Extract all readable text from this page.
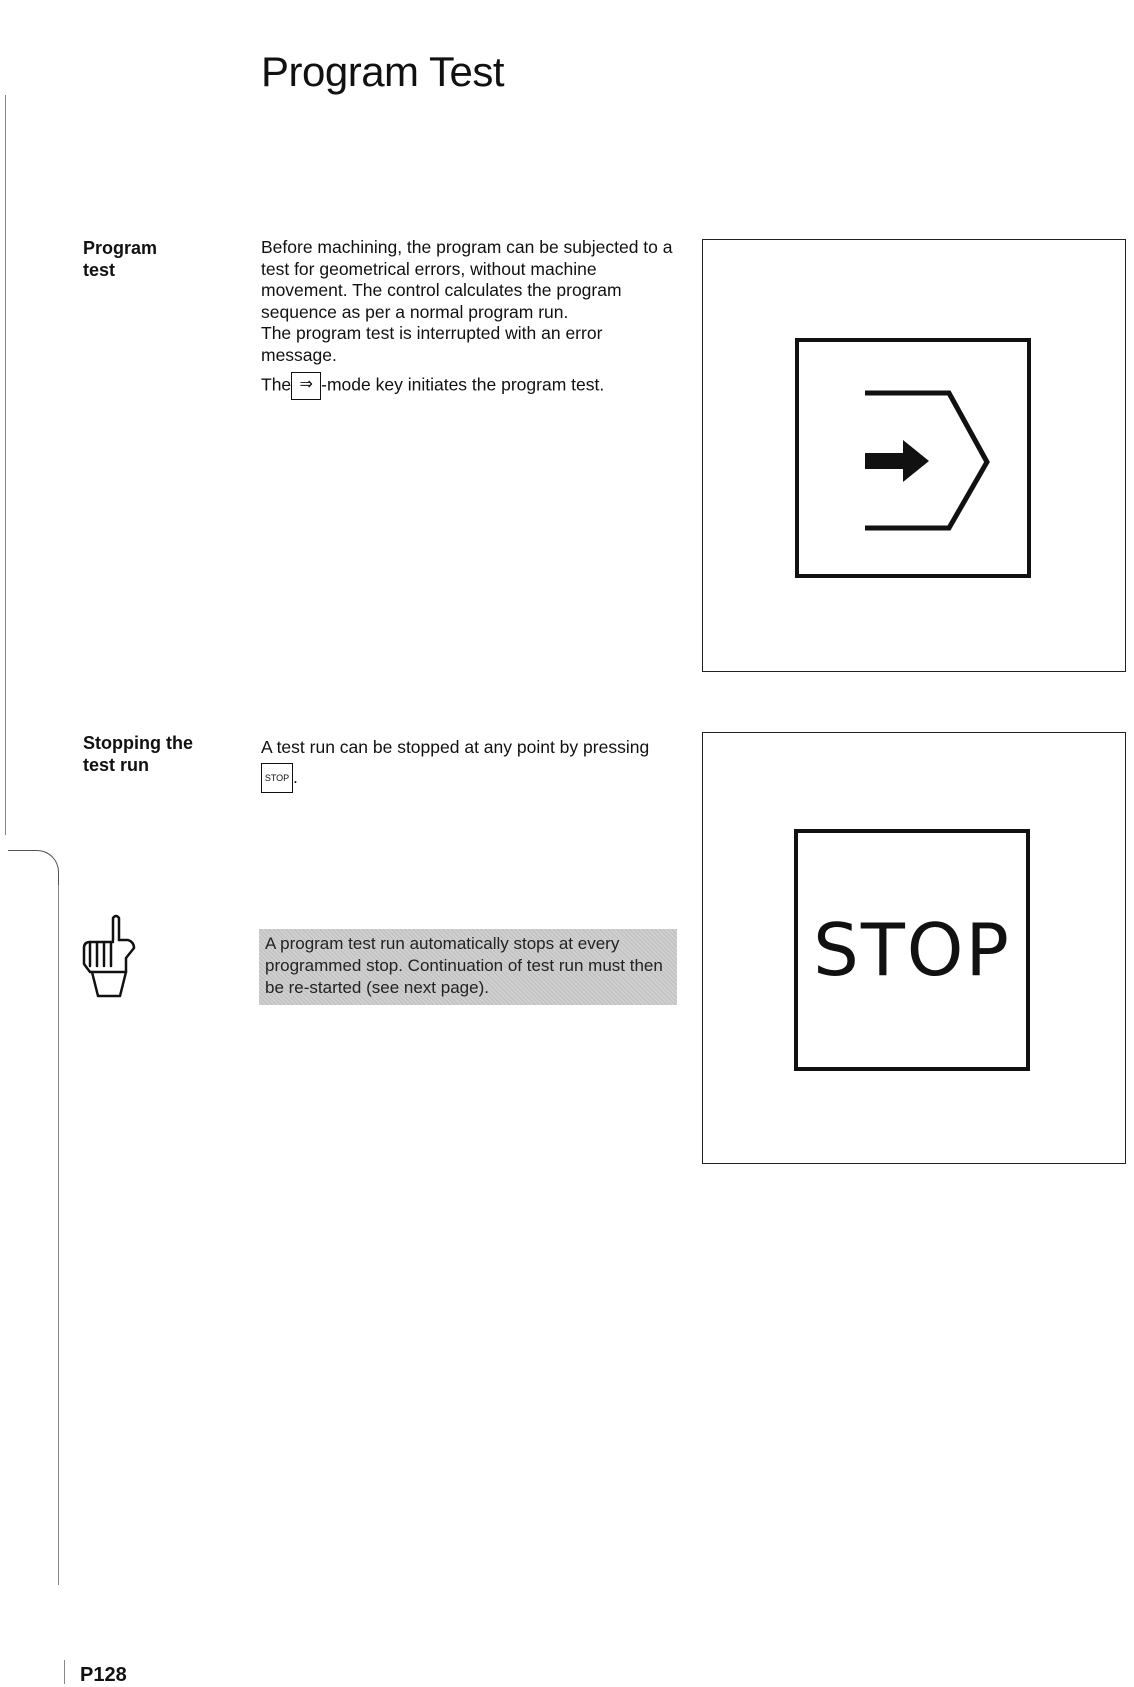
Program Test
Program
test

Before machining, the program can be subjected to a test for geometrical errors, without machine movement. The control calculates the program sequence as per a normal program run.

The program test is interrupted with an error message.

The ⇒ -mode key initiates the program test.

Stopping the
test run
A test run can be stopped at any point by pressingSTOP .
STOP
A program test run automatically stops at every programmed stop. Continuation of test run must then be re-started (see next page).
P128
